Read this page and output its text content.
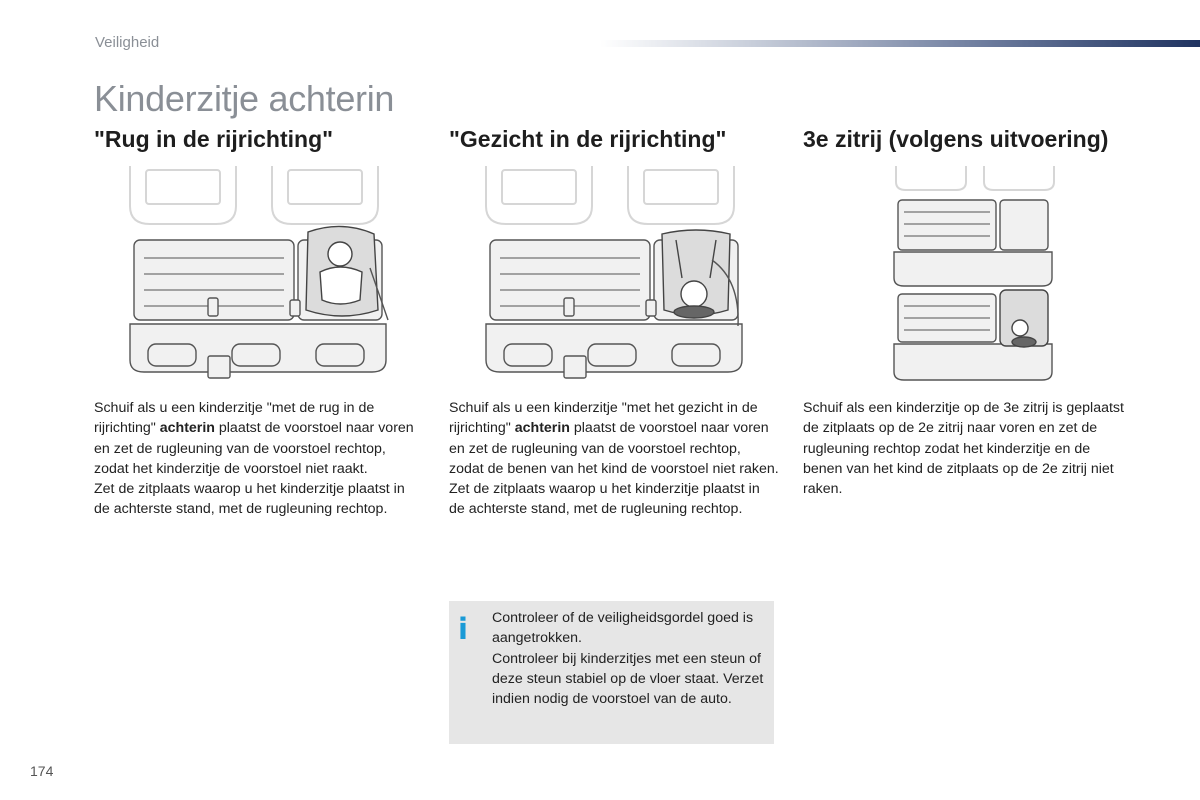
Veiligheid
Kinderzitje achterin
"Rug in de rijrichting"

Schuif als u een kinderzitje "met de rug in de rijrichting" achterin plaatst de voorstoel naar voren en zet de rugleuning van de voorstoel rechtop, zodat het kinderzitje de voorstoel niet raakt.

Zet de zitplaats waarop u het kinderzitje plaatst in de achterste stand, met de rugleuning rechtop.

"Gezicht in de rijrichting"

Schuif als u een kinderzitje "met het gezicht in de rijrichting" achterin plaatst de voorstoel naar voren en zet de rugleuning van de voorstoel rechtop, zodat de benen van het kind de voorstoel niet raken.

Zet de zitplaats waarop u het kinderzitje plaatst in de achterste stand, met de rugleuning rechtop.

3e zitrij (volgens uitvoering)

Schuif als een kinderzitje op de 3e zitrij is geplaatst de zitplaats op de 2e zitrij naar voren en zet de rugleuning rechtop zodat het kinderzitje en de benen van het kind de zitplaats op de 2e zitrij niet raken.

i Controleer of de veiligheidsgordel goed is aangetrokken.
Controleer bij kinderzitjes met een steun of deze steun stabiel op de vloer staat. Verzet indien nodig de voorstoel van de auto.
174
